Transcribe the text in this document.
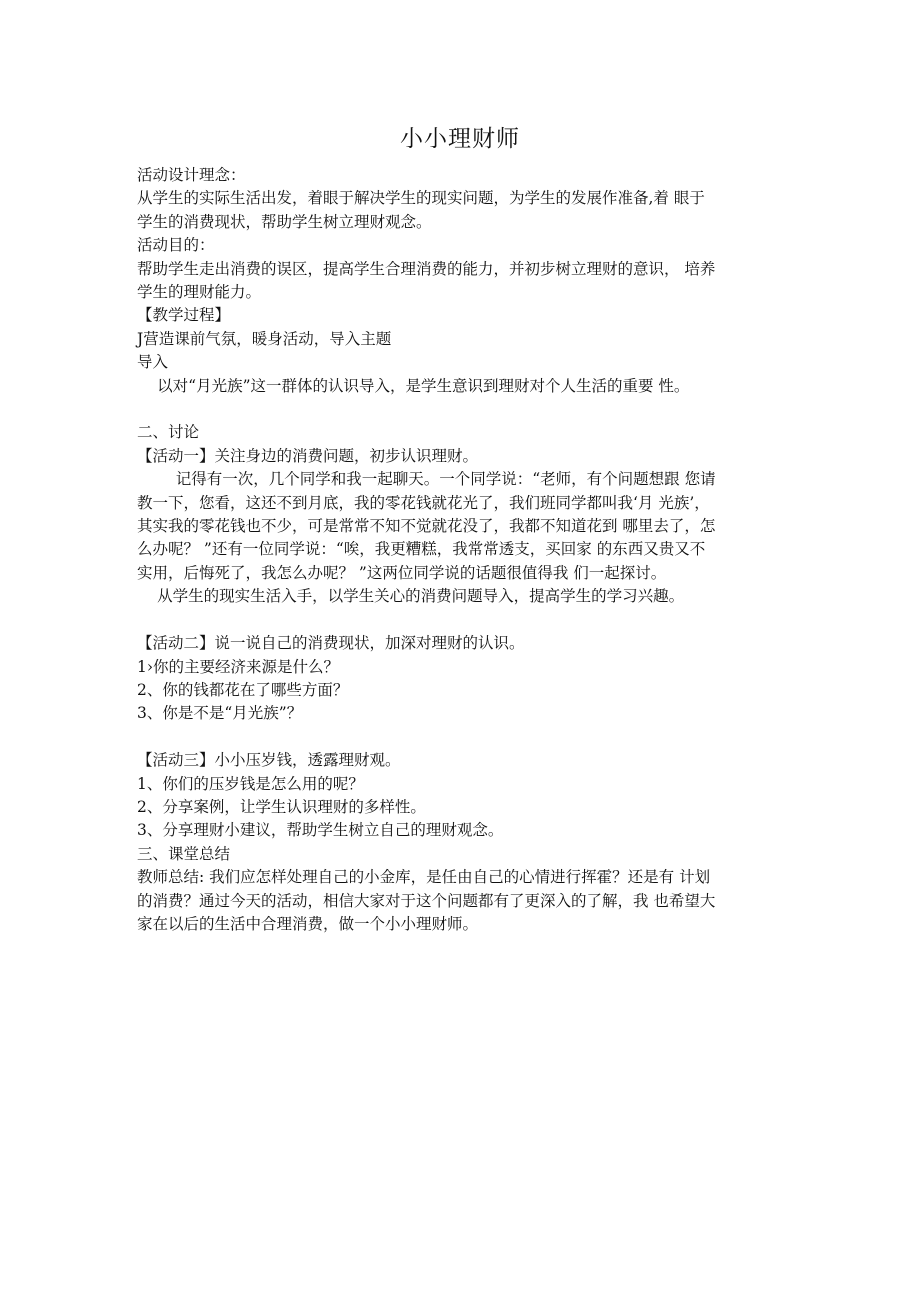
小小理财师

活动设计理念：

从学生的实际生活出发，着眼于解决学生的现实问题，为学生的发展作准备,着 眼于

学生的消费现状，帮助学生树立理财观念。

活动目的：

帮助学生走出消费的误区，提高学生合理消费的能力，并初步树立理财的意识， 培养

学生的理财能力。

【教学过程】

J营造课前气氛，暖身活动，导入主题

导入

以对“月光族”这一群体的认识导入，是学生意识到理财对个人生活的重要 性。

二、讨论

【活动一】关注身边的消费问题，初步认识理财。

记得有一次，几个同学和我一起聊天。一个同学说：“老师，有个问题想跟 您请

教一下，您看，这还不到月底，我的零花钱就花光了，我们班同学都叫我‘月 光族’，

其实我的零花钱也不少，可是常常不知不觉就花没了，我都不知道花到 哪里去了，怎

么办呢？ ”还有一位同学说：“唉，我更糟糕，我常常透支，买回家 的东西又贵又不

实用，后悔死了，我怎么办呢？ ”这两位同学说的话题很值得我 们一起探讨。

从学生的现实生活入手，以学生关心的消费问题导入，提高学生的学习兴趣。

【活动二】说一说自己的消费现状，加深对理财的认识。

1›你的主要经济来源是什么？

2、你的钱都花在了哪些方面？

3、你是不是“月光族”？

【活动三】小小压岁钱，透露理财观。

1、你们的压岁钱是怎么用的呢？

2、分享案例，让学生认识理财的多样性。

3、分享理财小建议，帮助学生树立自己的理财观念。

三、课堂总结

教师总结: 我们应怎样处理自己的小金库，是任由自己的心情进行挥霍？还是有 计划

的消费？通过今天的活动，相信大家对于这个问题都有了更深入的了解，我 也希望大

家在以后的生活中合理消费，做一个小小理财师。
